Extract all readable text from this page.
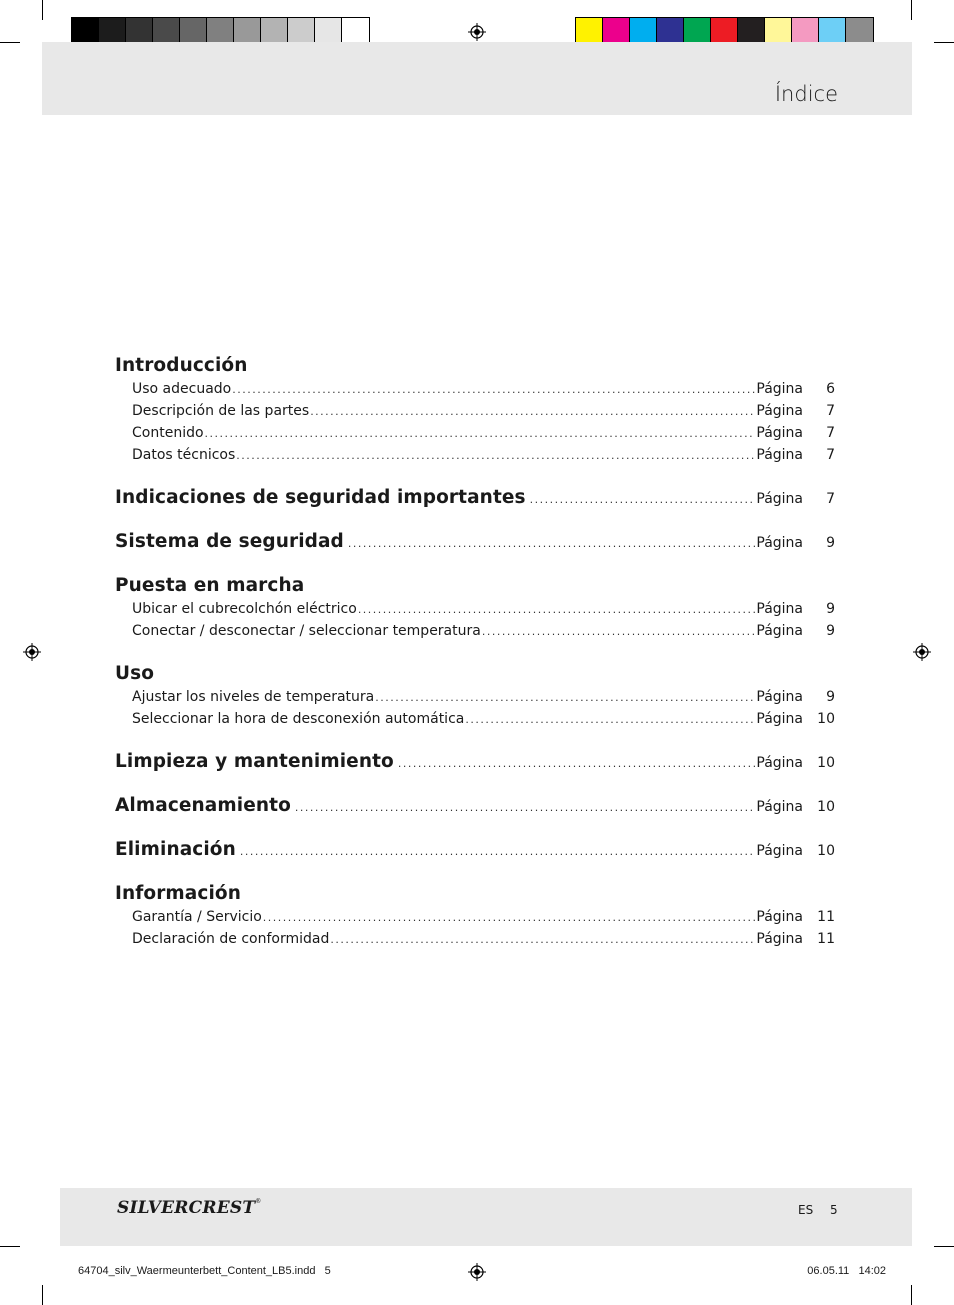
Índice
Introducción
Uso adecuado .....	Página	6
Descripción de las partes .....	Página	7
Contenido .....	Página	7
Datos técnicos .....	Página	7
Indicaciones de seguridad importantes .....	Página	7
Sistema de seguridad .....	Página	9
Puesta en marcha
Ubicar el cubrecolchón eléctrico .....	Página	9
Conectar / desconectar / seleccionar temperatura .....	Página	9
Uso
Ajustar los niveles de temperatura .....	Página	9
Seleccionar la hora de desconexión automática .....	Página	10
Limpieza y mantenimiento .....	Página	10
Almacenamiento .....	Página	10
Eliminación .....	Página	10
Información
Garantía / Servicio .....	Página	11
Declaración de conformidad .....	Página	11
SILVERCREST®
ES 5
64704_silv_Waermeunterbett_Content_LB5.indd   5	06.05.11   14:02
